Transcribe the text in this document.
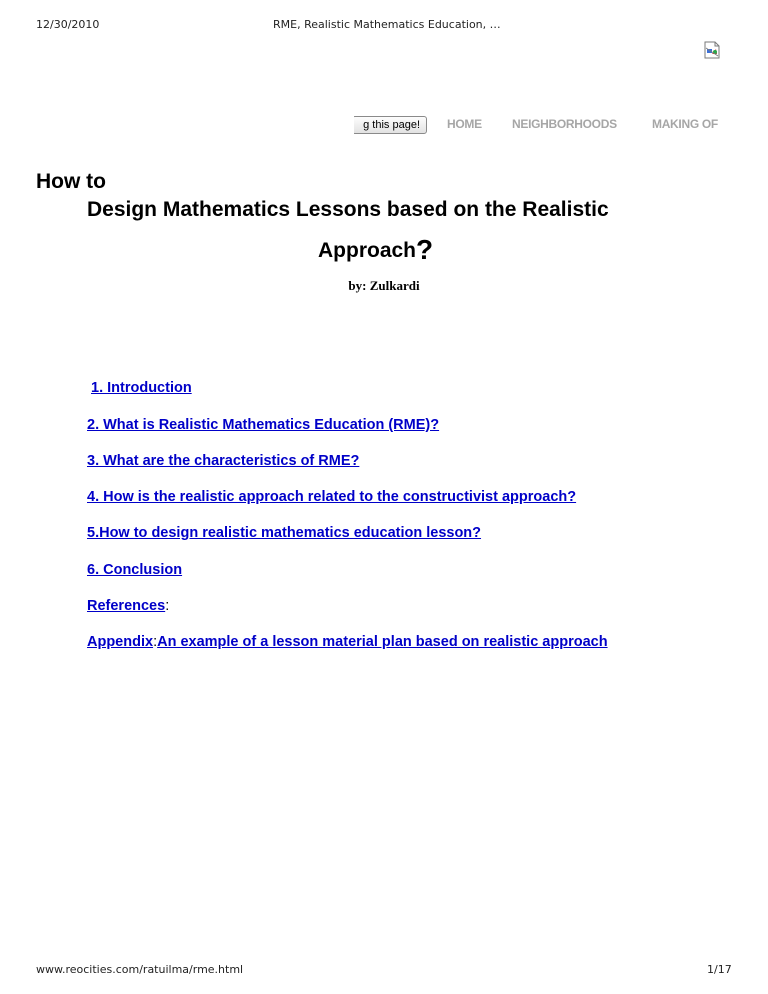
12/30/2010	RME, Realistic Mathematics Education, …
g this page!	HOME	NEIGHBORHOODS	MAKING OF
How to
Design Mathematics Lessons based on the Realistic
Approach?
by: Zulkardi
1. Introduction
2. What is Realistic Mathematics Education (RME)?
3. What are the characteristics of RME?
4. How is the realistic approach related to the constructivist approach?
5.How to design realistic mathematics education lesson?
6. Conclusion
References:
Appendix:An example of a lesson material plan based on realistic approach
www.reocities.com/ratuilma/rme.html	1/17
